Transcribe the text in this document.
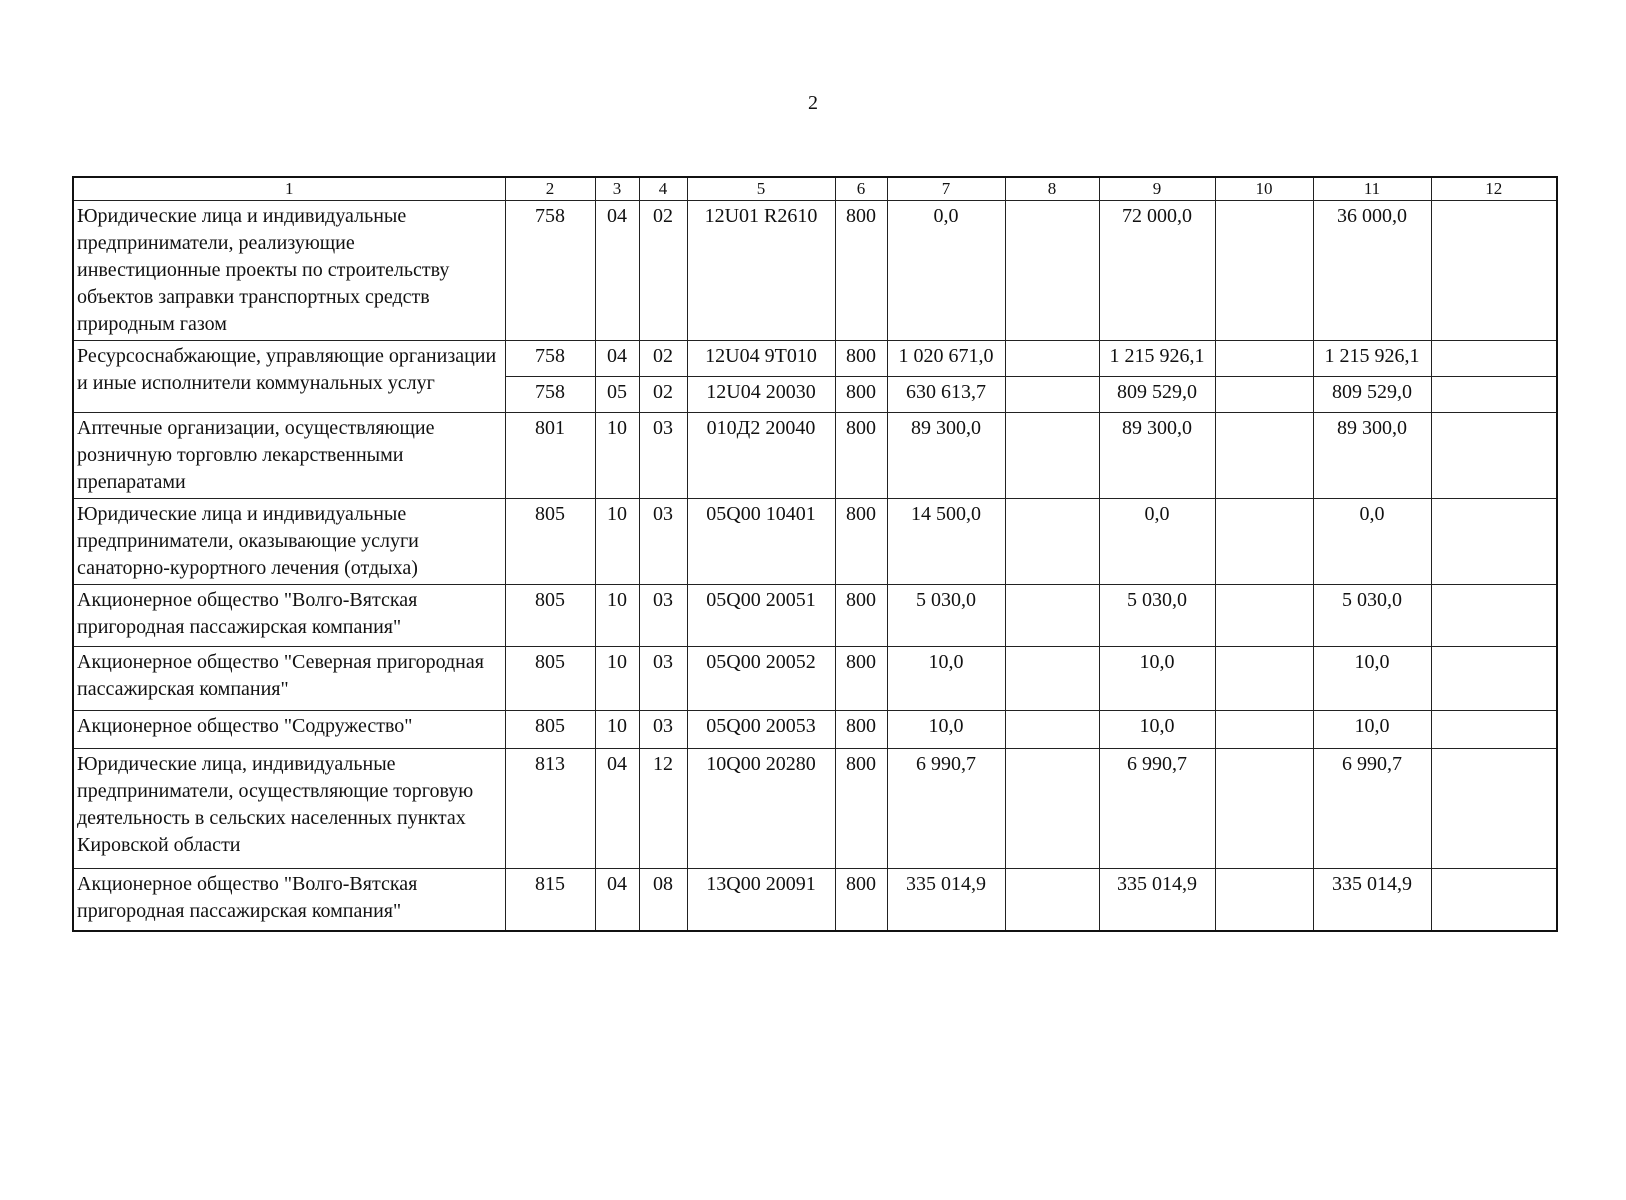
2
1	2	3	4	5	6	7	8	9	10	11	12
Юридические лица и индивидуальные предприниматели, реализующие инвестиционные проекты по строительству объектов заправки транспортных средств природным газом	758	04	02	12U01 R2610	800	0,0		72 000,0		36 000,0	
Ресурсоснабжающие, управляющие организации и иные исполнители коммунальных услуг	758	04	02	12U04 9T010	800	1 020 671,0		1 215 926,1		1 215 926,1	
	758	05	02	12U04 20030	800	630 613,7		809 529,0		809 529,0	
Аптечные организации, осуществляющие розничную торговлю лекарственными препаратами	801	10	03	010Д2 20040	800	89 300,0		89 300,0		89 300,0	
Юридические лица и индивидуальные предприниматели, оказывающие услуги санаторно-курортного лечения (отдыха)	805	10	03	05Q00 10401	800	14 500,0		0,0		0,0	
Акционерное общество "Волго-Вятская пригородная пассажирская компания"	805	10	03	05Q00 20051	800	5 030,0		5 030,0		5 030,0	
Акционерное общество "Северная пригородная пассажирская компания"	805	10	03	05Q00 20052	800	10,0		10,0		10,0	
Акционерное общество "Содружество"	805	10	03	05Q00 20053	800	10,0		10,0		10,0	
Юридические лица, индивидуальные предприниматели, осуществляющие торговую деятельность в сельских населенных пунктах Кировской области	813	04	12	10Q00 20280	800	6 990,7		6 990,7		6 990,7	
Акционерное общество "Волго-Вятская пригородная пассажирская компания"	815	04	08	13Q00 20091	800	335 014,9		335 014,9		335 014,9	
